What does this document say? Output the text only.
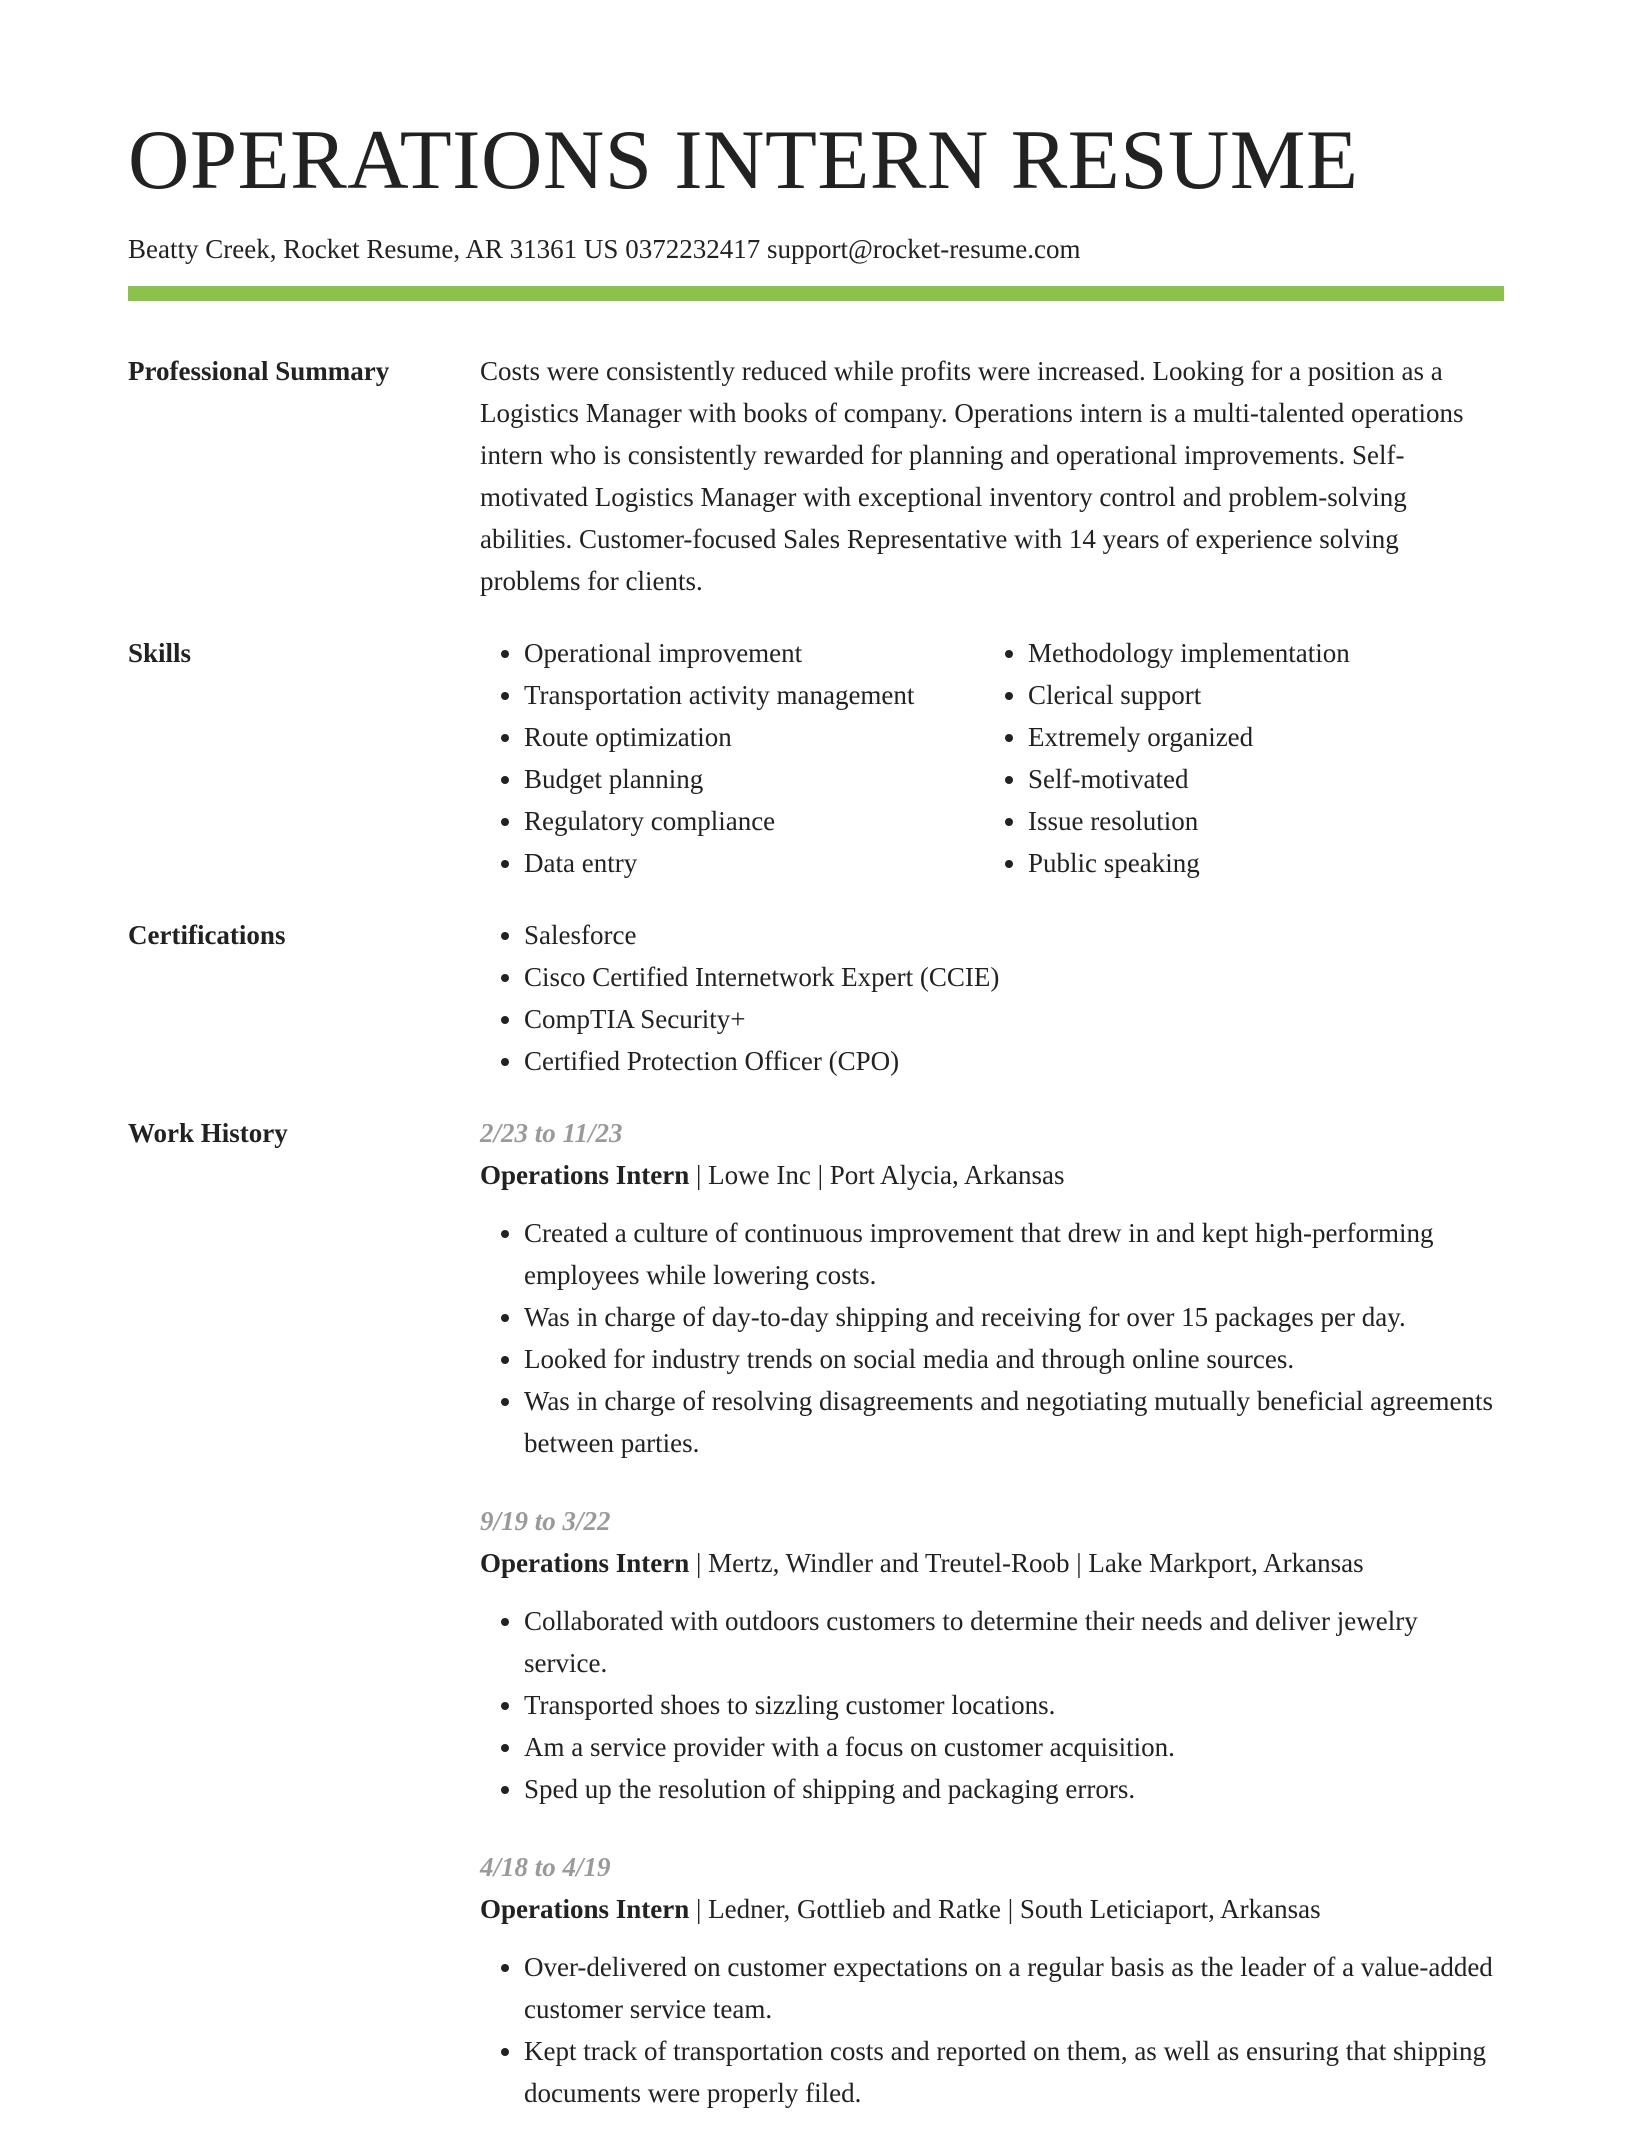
OPERATIONS INTERN RESUME
Beatty Creek, Rocket Resume, AR 31361 US 0372232417 support@rocket-resume.com
Professional Summary	Costs were consistently reduced while profits were increased. Looking for a position as a Logistics Manager with books of company. Operations intern is a multi-talented operations intern who is consistently rewarded for planning and operational improvements. Self-motivated Logistics Manager with exceptional inventory control and problem-solving abilities. Customer-focused Sales Representative with 14 years of experience solving problems for clients.

Skills	• Operational improvement
• Transportation activity management
• Route optimization
• Budget planning
• Regulatory compliance
• Data entry
• Methodology implementation
• Clerical support
• Extremely organized
• Self-motivated
• Issue resolution
• Public speaking
Certifications	• Salesforce
• Cisco Certified Internetwork Expert (CCIE)
• CompTIA Security+
• Certified Protection Officer (CPO)
Work History	2/23 to 11/23
Operations Intern | Lowe Inc | Port Alycia, Arkansas
• Created a culture of continuous improvement that drew in and kept high-performing employees while lowering costs.
• Was in charge of day-to-day shipping and receiving for over 15 packages per day.
• Looked for industry trends on social media and through online sources.
• Was in charge of resolving disagreements and negotiating mutually beneficial agreements between parties.
9/19 to 3/22
Operations Intern | Mertz, Windler and Treutel-Roob | Lake Markport, Arkansas
• Collaborated with outdoors customers to determine their needs and deliver jewelry service.
• Transported shoes to sizzling customer locations.
• Am a service provider with a focus on customer acquisition.
• Sped up the resolution of shipping and packaging errors.
4/18 to 4/19
Operations Intern | Ledner, Gottlieb and Ratke | South Leticiaport, Arkansas
• Over-delivered on customer expectations on a regular basis as the leader of a value-added customer service team.
• Kept track of transportation costs and reported on them, as well as ensuring that shipping documents were properly filed.
